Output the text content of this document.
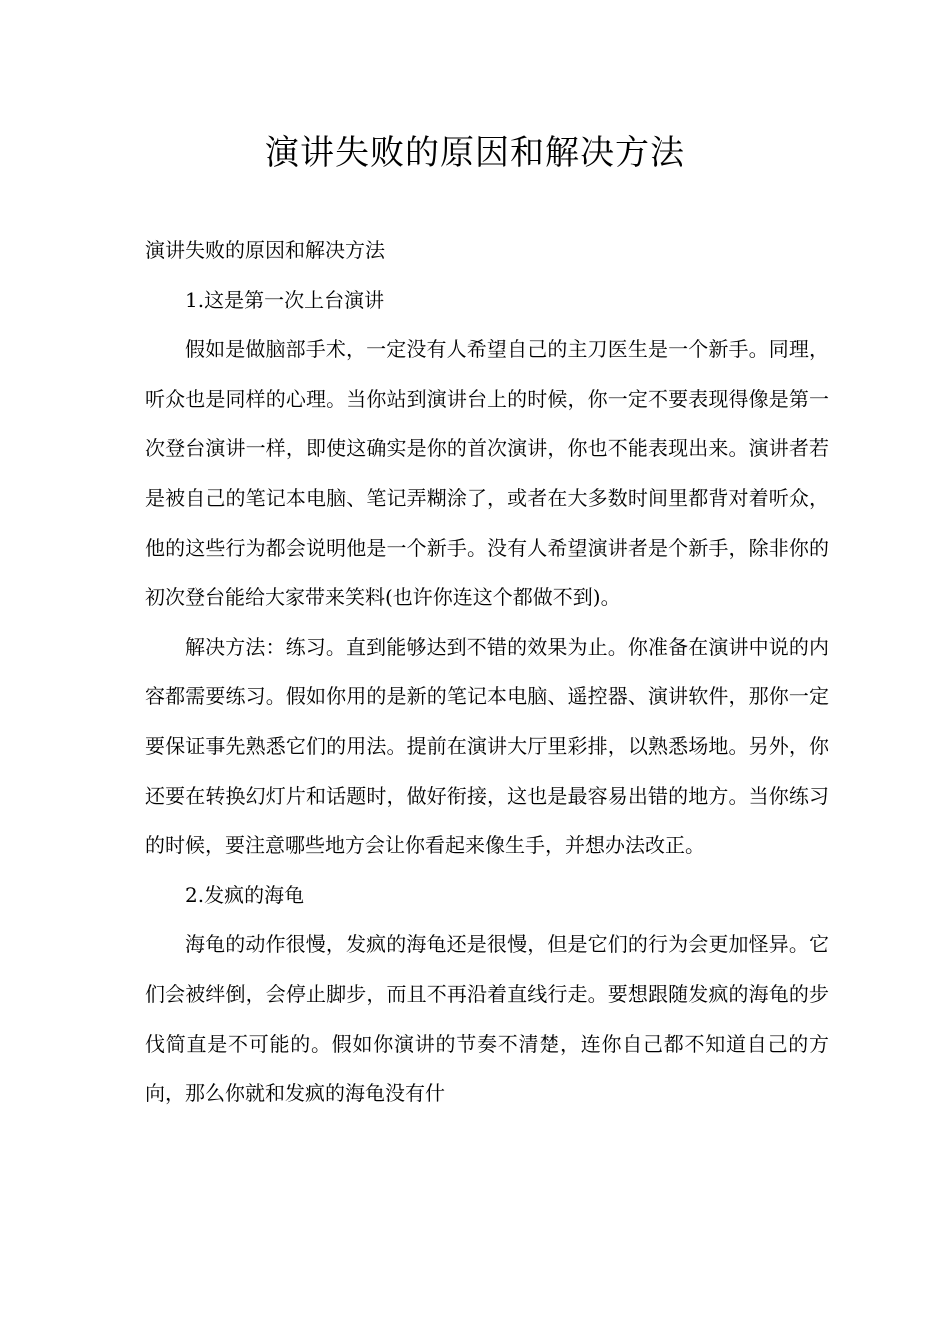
演讲失败的原因和解决方法

演讲失败的原因和解决方法

1.这是第一次上台演讲

假如是做脑部手术，一定没有人希望自己的主刀医生是一个新手。同理，听众也是同样的心理。当你站到演讲台上的时候，你一定不要表现得像是第一次登台演讲一样，即使这确实是你的首次演讲，你也不能表现出来。演讲者若是被自己的笔记本电脑、笔记弄糊涂了，或者在大多数时间里都背对着听众，他的这些行为都会说明他是一个新手。没有人希望演讲者是个新手，除非你的初次登台能给大家带来笑料(也许你连这个都做不到)。

解决方法：练习。直到能够达到不错的效果为止。你准备在演讲中说的内容都需要练习。假如你用的是新的笔记本电脑、遥控器、演讲软件，那你一定要保证事先熟悉它们的用法。提前在演讲大厅里彩排，以熟悉场地。另外，你还要在转换幻灯片和话题时，做好衔接，这也是最容易出错的地方。当你练习的时候，要注意哪些地方会让你看起来像生手，并想办法改正。

2.发疯的海龟

海龟的动作很慢，发疯的海龟还是很慢，但是它们的行为会更加怪异。它们会被绊倒，会停止脚步，而且不再沿着直线行走。要想跟随发疯的海龟的步伐简直是不可能的。假如你演讲的节奏不清楚，连你自己都不知道自己的方向，那么你就和发疯的海龟没有什
